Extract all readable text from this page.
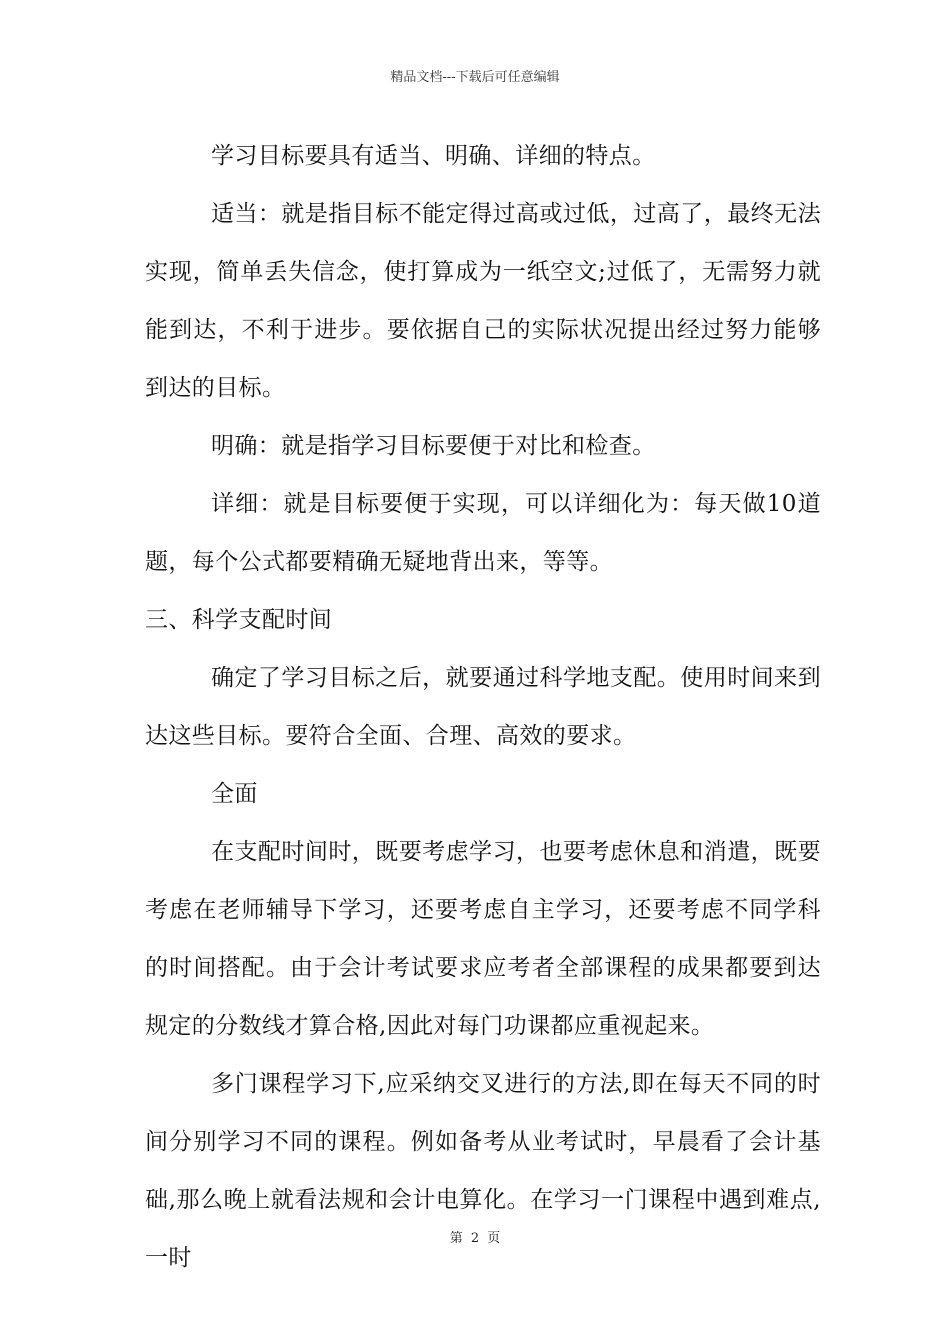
精品文档---下载后可任意编辑

学习目标要具有适当、明确、详细的特点。

适当：就是指目标不能定得过高或过低，过高了，最终无法实现，简单丢失信念，使打算成为一纸空文;过低了，无需努力就能到达，不利于进步。要依据自己的实际状况提出经过努力能够到达的目标。

明确：就是指学习目标要便于对比和检查。

详细：就是目标要便于实现，可以详细化为：每天做10道题，每个公式都要精确无疑地背出来，等等。

三、科学支配时间

确定了学习目标之后，就要通过科学地支配。使用时间来到达这些目标。要符合全面、合理、高效的要求。

全面

在支配时间时，既要考虑学习，也要考虑休息和消遣，既要考虑在老师辅导下学习，还要考虑自主学习，还要考虑不同学科的时间搭配。由于会计考试要求应考者全部课程的成果都要到达规定的分数线才算合格,因此对每门功课都应重视起来。

多门课程学习下,应采纳交叉进行的方法,即在每天不同的时间分别学习不同的课程。例如备考从业考试时，早晨看了会计基础,那么晚上就看法规和会计电算化。在学习一门课程中遇到难点,一时

第 2 页
